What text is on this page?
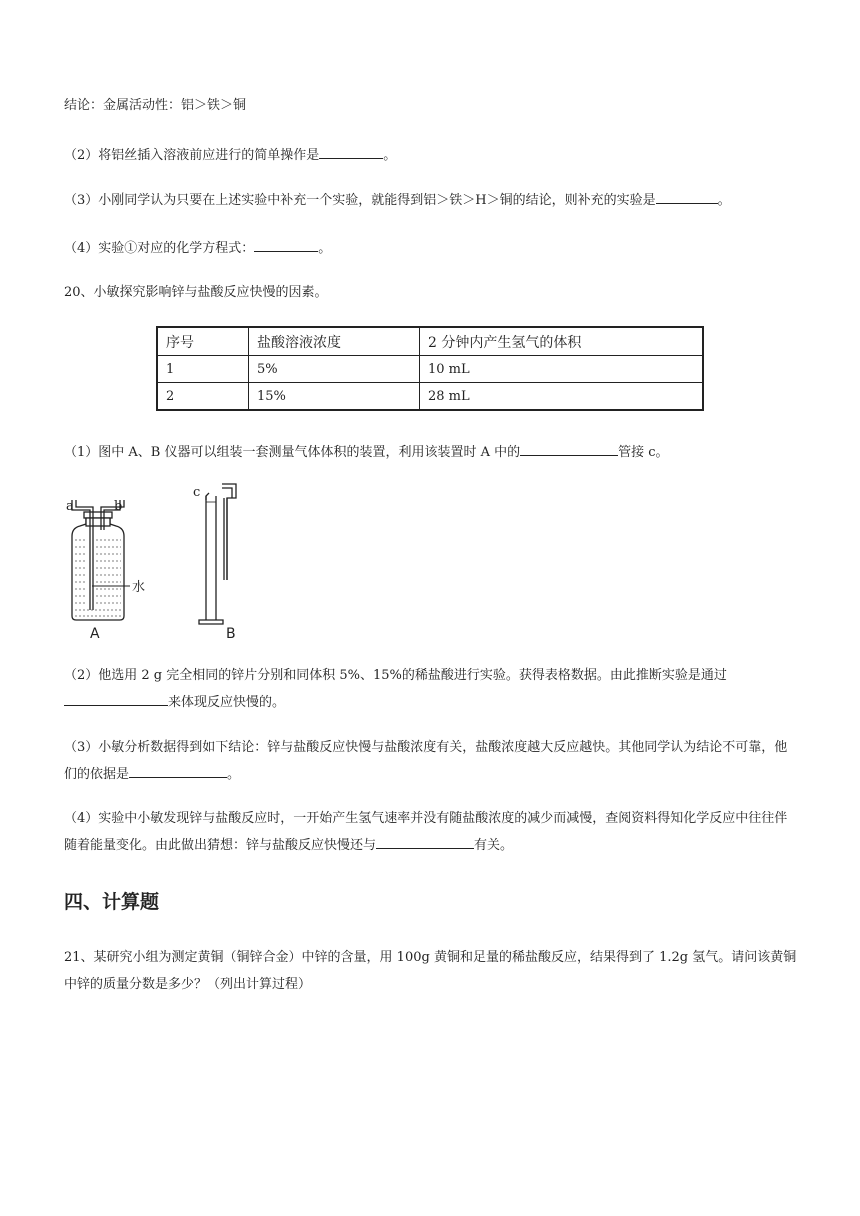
结论：金属活动性：铝＞铁＞铜
（2）将铝丝插入溶液前应进行的简单操作是	。
（3）小刚同学认为只要在上述实验中补充一个实验，就能得到铝＞铁＞H＞铜的结论，则补充的实验是	。
（4）实验①对应的化学方程式：	。
20、小敏探究影响锌与盐酸反应快慢的因素。
序号	盐酸溶液浓度	2 分钟内产生氢气的体积
1	5%	10 mL
2	15%	28 mL
（1）图中 A、B 仪器可以组装一套测量气体体积的装置，利用该装置时 A 中的	管接 c。
水
a	b
A
c
B
（2）他选用 2 g 完全相同的锌片分别和同体积 5%、15%的稀盐酸进行实验。获得表格数据。由此推断实验是通过来体现反应快慢的。
（3）小敏分析数据得到如下结论：锌与盐酸反应快慢与盐酸浓度有关，盐酸浓度越大反应越快。其他同学认为结论不可靠，他们的依据是	。
（4）实验中小敏发现锌与盐酸反应时，一开始产生氢气速率并没有随盐酸浓度的减少而减慢，查阅资料得知化学反应中往往伴随着能量变化。由此做出猜想：锌与盐酸反应快慢还与	有关。
四、计算题
21、某研究小组为测定黄铜（铜锌合金）中锌的含量，用 100g 黄铜和足量的稀盐酸反应，结果得到了 1.2g 氢气。请问该黄铜中锌的质量分数是多少？（列出计算过程）
